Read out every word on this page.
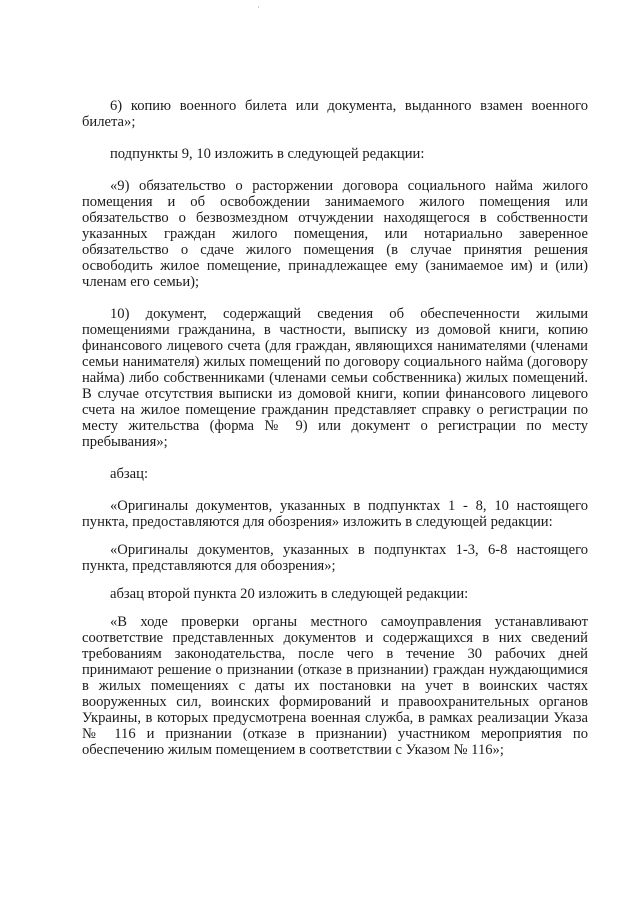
6) копию военного билета или документа, выданного взамен военного билета»;

подпункты 9, 10 изложить в следующей редакции:

«9) обязательство о расторжении договора социального найма жилого помещения и об освобождении занимаемого жилого помещения или обязательство о безвозмездном отчуждении находящегося в собственности указанных граждан жилого помещения, или нотариально заверенное обязательство о сдаче жилого помещения (в случае принятия решения освободить жилое помещение, принадлежащее ему (занимаемое им) и (или) членам его семьи);

10) документ, содержащий сведения об обеспеченности жилыми помещениями гражданина, в частности, выписку из домовой книги, копию финансового лицевого счета (для граждан, являющихся нанимателями (членами семьи нанимателя) жилых помещений по договору социального найма (договору найма) либо собственниками (членами семьи собственника) жилых помещений. В случае отсутствия выписки из домовой книги, копии финансового лицевого счета на жилое помещение гражданин представляет справку о регистрации по месту жительства (форма № 9) или документ о регистрации по месту пребывания»;

абзац:

«Оригиналы документов, указанных в подпунктах 1 - 8, 10 настоящего пункта, предоставляются для обозрения» изложить в следующей редакции:

«Оригиналы документов, указанных в подпунктах 1-3, 6-8 настоящего пункта, представляются для обозрения»;

абзац второй пункта 20 изложить в следующей редакции:

«В ходе проверки органы местного самоуправления устанавливают соответствие представленных документов и содержащихся в них сведений требованиям законодательства, после чего в течение 30 рабочих дней принимают решение о признании (отказе в признании) граждан нуждающимися в жилых помещениях с даты их постановки на учет в воинских частях вооруженных сил, воинских формирований и правоохранительных органов Украины, в которых предусмотрена военная служба, в рамках реализации Указа № 116 и признании (отказе в признании) участником мероприятия по обеспечению жилым помещением в соответствии с Указом № 116»;
